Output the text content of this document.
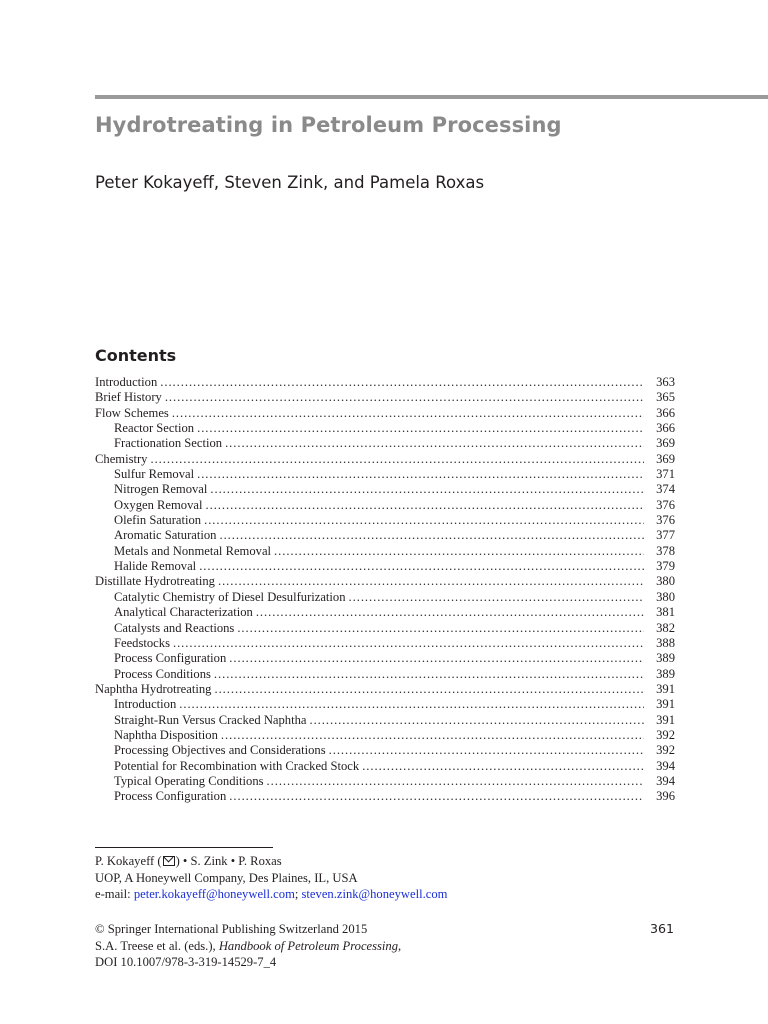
Hydrotreating in Petroleum Processing
Peter Kokayeff, Steven Zink, and Pamela Roxas
Contents
Introduction . . .	363
Brief History . . .	365
Flow Schemes . . .	366
Reactor Section . . .	366
Fractionation Section . . .	369
Chemistry . . .	369
Sulfur Removal . . .	371
Nitrogen Removal . . .	374
Oxygen Removal . . .	376
Olefin Saturation . . .	376
Aromatic Saturation . . .	377
Metals and Nonmetal Removal . . .	378
Halide Removal . . .	379
Distillate Hydrotreating . . .	380
Catalytic Chemistry of Diesel Desulfurization . . .	380
Analytical Characterization . . .	381
Catalysts and Reactions . . .	382
Feedstocks . . .	388
Process Configuration . . .	389
Process Conditions . . .	389
Naphtha Hydrotreating . . .	391
Introduction . . .	391
Straight-Run Versus Cracked Naphtha . . .	391
Naphtha Disposition . . .	392
Processing Objectives and Considerations . . .	392
Potential for Recombination with Cracked Stock . . .	394
Typical Operating Conditions . . .	394
Process Configuration . . .	396
P. Kokayeff ( ) • S. Zink • P. Roxas
UOP, A Honeywell Company, Des Plaines, IL, USA
e-mail: peter.kokayeff@honeywell.com; steven.zink@honeywell.com
© Springer International Publishing Switzerland 2015
S.A. Treese et al. (eds.), Handbook of Petroleum Processing,
DOI 10.1007/978-3-319-14529-7_4
361
